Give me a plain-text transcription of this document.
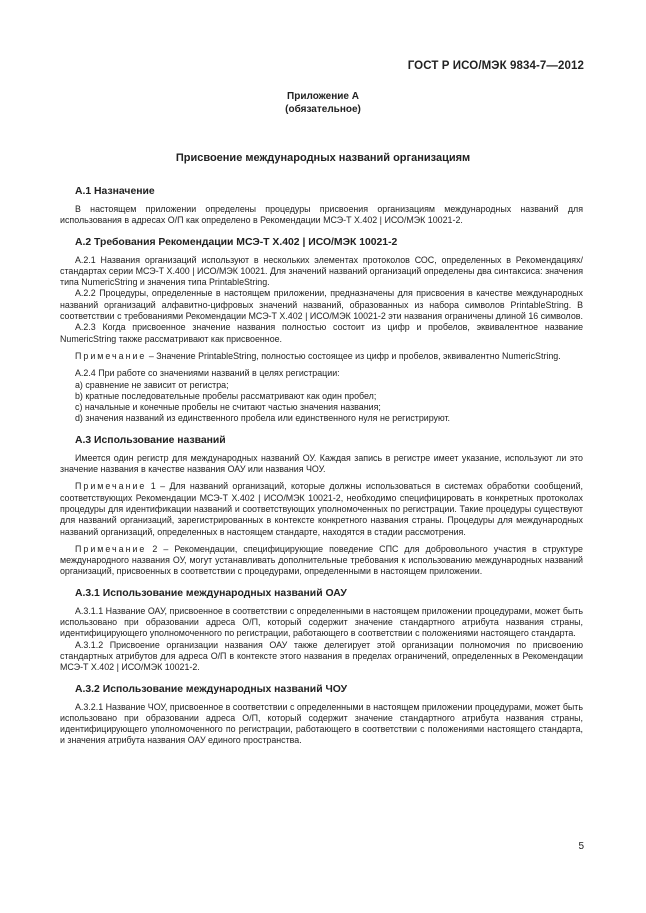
ГОСТ Р ИСО/МЭК 9834-7—2012
Приложение А
(обязательное)
Присвоение международных названий организациям
А.1 Назначение

В настоящем приложении определены процедуры присвоения организациям международных названий для использования в адресах О/П как определено в Рекомендации МСЭ-Т Х.402 | ИСО/МЭК 10021-2.

А.2 Требования Рекомендации МСЭ-Т Х.402 | ИСО/МЭК 10021-2

А.2.1 Названия организаций используют в нескольких элементах протоколов СОС, определенных в Рекомендациях/стандартах серии МСЭ-Т Х.400 | ИСО/МЭК 10021. Для значений названий организаций определены два синтаксиса: значения типа NumericString и значения типа PrintableString.

А.2.2 Процедуры, определенные в настоящем приложении, предназначены для присвоения в качестве международных названий организаций алфавитно-цифровых значений названий, образованных из набора символов PrintableString. В соответствии с требованиями Рекомендации МСЭ-Т Х.402 | ИСО/МЭК 10021-2 эти названия ограничены длиной 16 символов.

А.2.3 Когда присвоенное значение названия полностью состоит из цифр и пробелов, эквивалентное название NumericString также рассматривают как присвоенное.

Примечание – Значение PrintableString, полностью состоящее из цифр и пробелов, эквивалентно NumericString.

А.2.4 При работе со значениями названий в целях регистрации:

а) сравнение не зависит от регистра;
b) кратные последовательные пробелы рассматривают как один пробел;
с) начальные и конечные пробелы не считают частью значения названия;
d) значения названий из единственного пробела или единственного нуля не регистрируют.
А.3 Использование названий

Имеется один регистр для международных названий ОУ. Каждая запись в регистре имеет указание, используют ли это значение названия в качестве названия ОАУ или названия ЧОУ.

Примечание 1 – Для названий организаций, которые должны использоваться в системах обработки сообщений, соответствующих Рекомендации МСЭ-Т Х.402 | ИСО/МЭК 10021-2, необходимо специфицировать в конкретных протоколах процедуры для идентификации названий и соответствующих уполномоченных по регистрации. Такие процедуры существуют для названий организаций, зарегистрированных в контексте конкретного названия страны. Процедуры для международных названий организаций, определенных в настоящем стандарте, находятся в стадии рассмотрения.

Примечание 2 – Рекомендации, специфицирующие поведение СПС для добровольного участия в структуре международного названия ОУ, могут устанавливать дополнительные требования к использованию международных названий организаций, присвоенных в соответствии с процедурами, определенными в настоящем приложении.

А.3.1 Использование международных названий ОАУ

А.3.1.1 Название ОАУ, присвоенное в соответствии с определенными в настоящем приложении процедурами, может быть использовано при образовании адреса О/П, который содержит значение стандартного атрибута названия страны, идентифицирующего уполномоченного по регистрации, работающего в соответствии с положениями настоящего стандарта.

А.3.1.2 Присвоение организации названия ОАУ также делегирует этой организации полномочия по присвоению стандартных атрибутов для адреса О/П в контексте этого названия в пределах ограничений, определенных в Рекомендации МСЭ-Т Х.402 | ИСО/МЭК 10021-2.

А.3.2 Использование международных названий ЧОУ

А.3.2.1 Название ЧОУ, присвоенное в соответствии с определенными в настоящем приложении процедурами, может быть использовано при образовании адреса О/П, который содержит значение стандартного атрибута названия страны, идентифицирующего уполномоченного по регистрации, работающего в соответствии с положениями настоящего стандарта, и значения атрибута названия ОАУ единого пространства.

5
